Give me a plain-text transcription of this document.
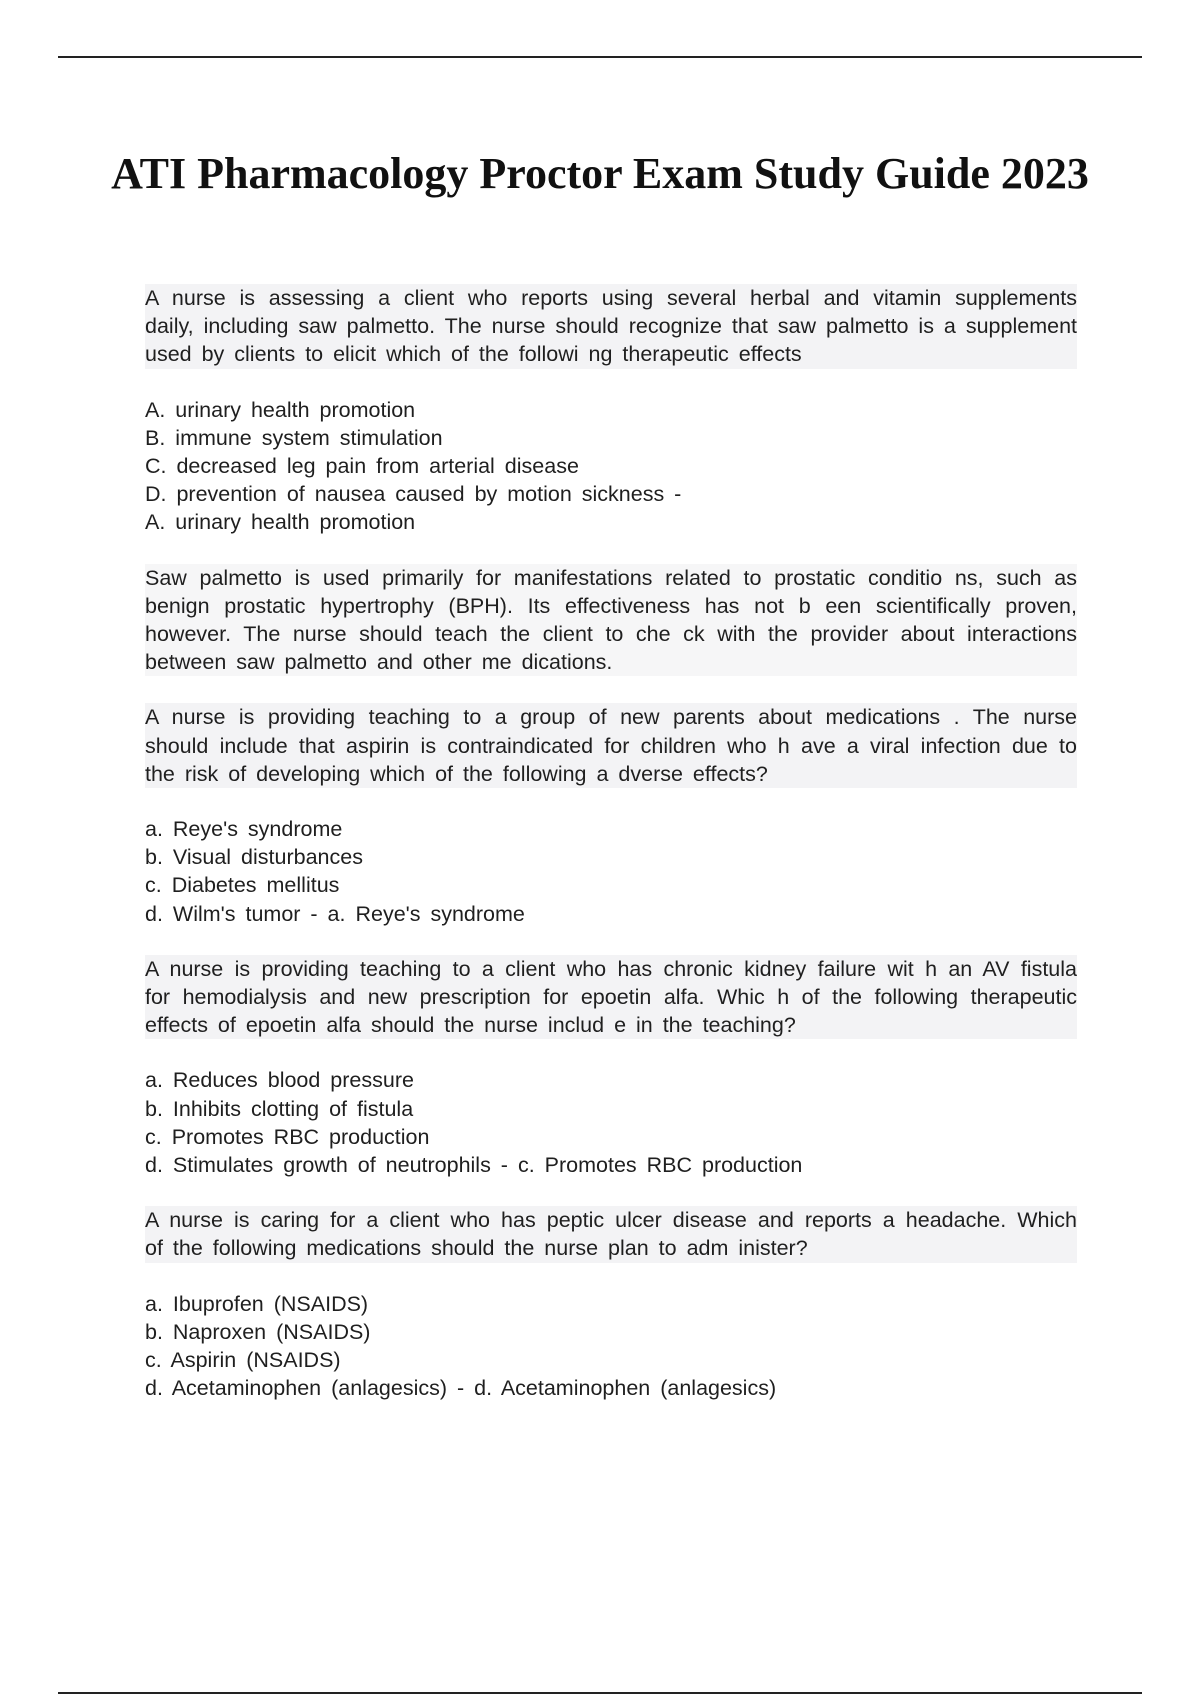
ATI Pharmacology Proctor Exam Study Guide 2023

A nurse is assessing a client who reports using several herbal and vitamin supplements daily, including saw palmetto. The nurse should recognize that saw palmetto is a supplement used by clients to elicit which of the followi ng therapeutic effects

A. urinary health promotion
B. immune system stimulation
C. decreased leg pain from arterial disease
D. prevention of nausea caused by motion sickness -
A. urinary health promotion

Saw palmetto is used primarily for manifestations related to prostatic conditio ns, such as benign prostatic hypertrophy (BPH). Its effectiveness has not b een scientifically proven, however. The nurse should teach the client to che ck with the provider about interactions between saw palmetto and other me dications.

A nurse is providing teaching to a group of new parents about medications . The nurse should include that aspirin is contraindicated for children who h ave a viral infection due to the risk of developing which of the following a dverse effects?

a. Reye's syndrome
b. Visual disturbances
c. Diabetes mellitus
d. Wilm's tumor - a. Reye's syndrome

A nurse is providing teaching to a client who has chronic kidney failure wit h an AV fistula for hemodialysis and new prescription for epoetin alfa. Whic h of the following therapeutic effects of epoetin alfa should the nurse includ e in the teaching?

a. Reduces blood pressure
b. Inhibits clotting of fistula
c. Promotes RBC production
d. Stimulates growth of neutrophils - c. Promotes RBC production

A nurse is caring for a client who has peptic ulcer disease and reports a headache. Which of the following medications should the nurse plan to adm inister?

a. Ibuprofen (NSAIDS)
b. Naproxen (NSAIDS)
c. Aspirin (NSAIDS)
d. Acetaminophen (anlagesics) - d. Acetaminophen (anlagesics)
